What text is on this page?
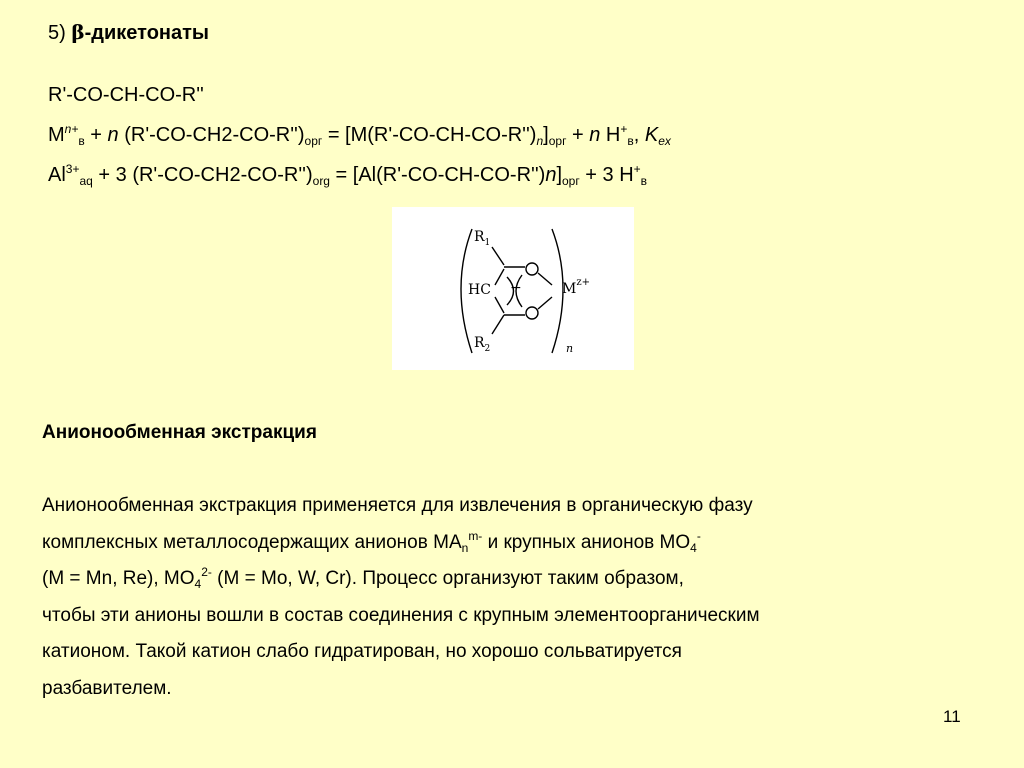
5) β-дикетонаты
R'-CO-CH-CO-R''
$M^{n+}_в + n$ $(R'-CO-CH2-CO-R'')_{орг} = [M(R'-CO-CH-CO-R'')_n]_{орг} + n$ $H^+_в$, $K_{ex}$
$Al^{3+}_{aq} + 3$ $(R'-CO-CH2-CO-R'')_{org} = [Al(R'-CO-CH-CO-R'')n]_{орг} + 3$ $H^+_в$
$R_1$
HC −	$M^{z+}$
$R_2$	n
Анионообменная экстракция
Анионообменная экстракция применяется для извлечения в органическую фазу
комплексных металлосодержащих анионов $MA_n^{m-}$ и крупных анионов $MO_4^-$
(M = Mn, Re), $MO_4^{2-}$ (M = Mo, W, Cr). Процесс организуют таким образом,
чтобы эти анионы вошли в состав соединения с крупным элементоорганическим
катионом. Такой катион слабо гидратирован, но хорошо сольватируется
разбавителем.
11
